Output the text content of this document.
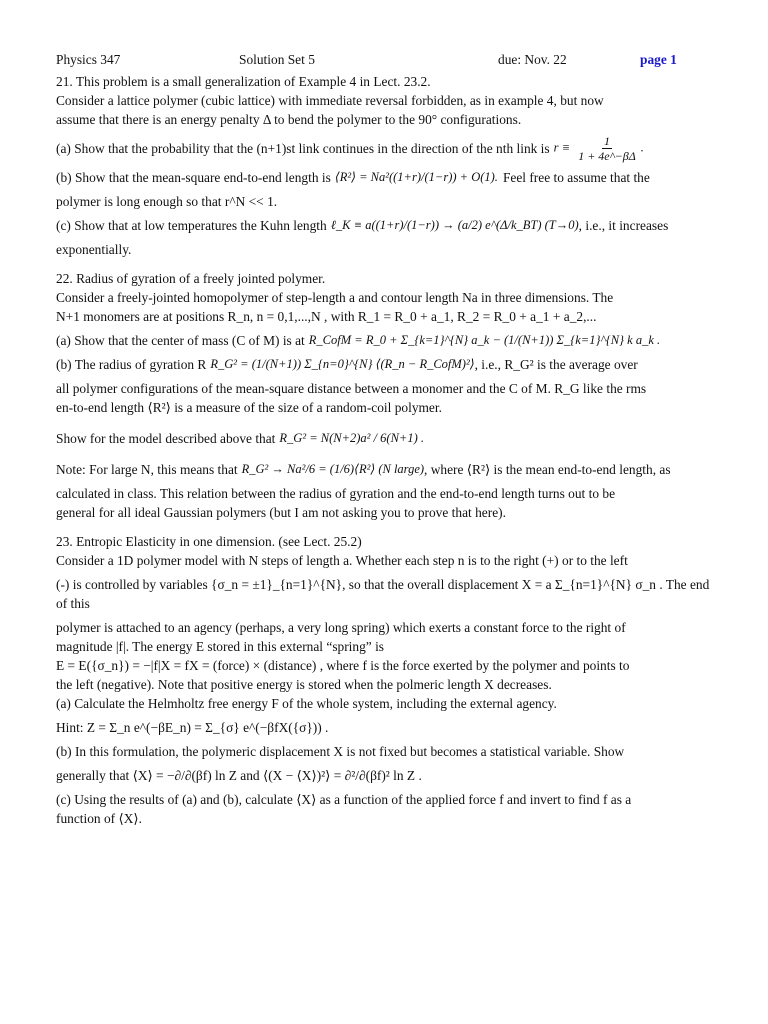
Physics 347	Solution Set 5	due: Nov. 22	page 1

21. This problem is a small generalization of Example 4 in Lect. 23.2.

Consider a lattice polymer (cubic lattice) with immediate reversal forbidden, as in example 4, but now

assume that there is an energy penalty Δ to bend the polymer to the 90° configurations.

(a) Show that the probability that the (n+1)st link continues in the direction of the nth link is $r \equiv \frac{1}{1 + 4e\^{}-\beta\Delta}$ .
(b) Show that the mean-square end-to-end length is ⟨R²⟩ = Na²((1+r)/(1−r)) + O(1). Feel free to assume that the

polymer is long enough so that r^N << 1.

(c) Show that at low temperatures the Kuhn length ℓ_K ≡ a((1+r)/(1−r)) → (a/2) e^(Δ/k_BT) (T→0) , i.e., it increases

exponentially.

22. Radius of gyration of a freely jointed polymer.

Consider a freely-jointed homopolymer of step-length a and contour length Na in three dimensions. The

N+1 monomers are at positions R_n, n = 0,1,...,N , with R_1 = R_0 + a_1, R_2 = R_0 + a_1 + a_2,...

(a) Show that the center of mass (C of M) is at R_CofM = R_0 + Σ_{k=1}^{N} a_k − (1/(N+1)) Σ_{k=1}^{N} k a_k .
(b) The radius of gyration R R_G² = (1/(N+1)) Σ_{n=0}^{N} ⟨(R_n − R_CofM)²⟩ , i.e., R_G² is the average over

all polymer configurations of the mean-square distance between a monomer and the C of M. R_G like the rms

en-to-end length ⟨R²⟩ is a measure of the size of a random-coil polymer.

Show for the model described above that R_G² = N(N+2)a² / 6(N+1) .
Note: For large N, this means that R_G² → Na²/6 = (1/6)⟨R²⟩ (N large) , where ⟨R²⟩ is the mean end-to-end length, as

calculated in class. This relation between the radius of gyration and the end-to-end length turns out to be

general for all ideal Gaussian polymers (but I am not asking you to prove that here).

23. Entropic Elasticity in one dimension. (see Lect. 25.2)

Consider a 1D polymer model with N steps of length a. Whether each step n is to the right (+) or to the left

(-) is controlled by variables {σ_n = ±1}_{n=1}^{N}, so that the overall displacement X = a Σ_{n=1}^{N} σ_n . The end of this

polymer is attached to an agency (perhaps, a very long spring) which exerts a constant force to the right of

magnitude |f|. The energy E stored in this external “spring” is

E = E({σ_n}) = −|f|X = fX = (force) × (distance) , where f is the force exerted by the polymer and points to

the left (negative). Note that positive energy is stored when the polmeric length X decreases.

(a) Calculate the Helmholtz free energy F of the whole system, including the external agency.

Hint: Z = Σ_n e^(−βE_n) = Σ_{σ} e^(−βfX({σ})) .

(b) In this formulation, the polymeric displacement X is not fixed but becomes a statistical variable. Show

generally that ⟨X⟩ = −∂/∂(βf) ln Z and ⟨(X − ⟨X⟩)²⟩ = ∂²/∂(βf)² ln Z .

(c) Using the results of (a) and (b), calculate ⟨X⟩ as a function of the applied force f and invert to find f as a

function of ⟨X⟩.
